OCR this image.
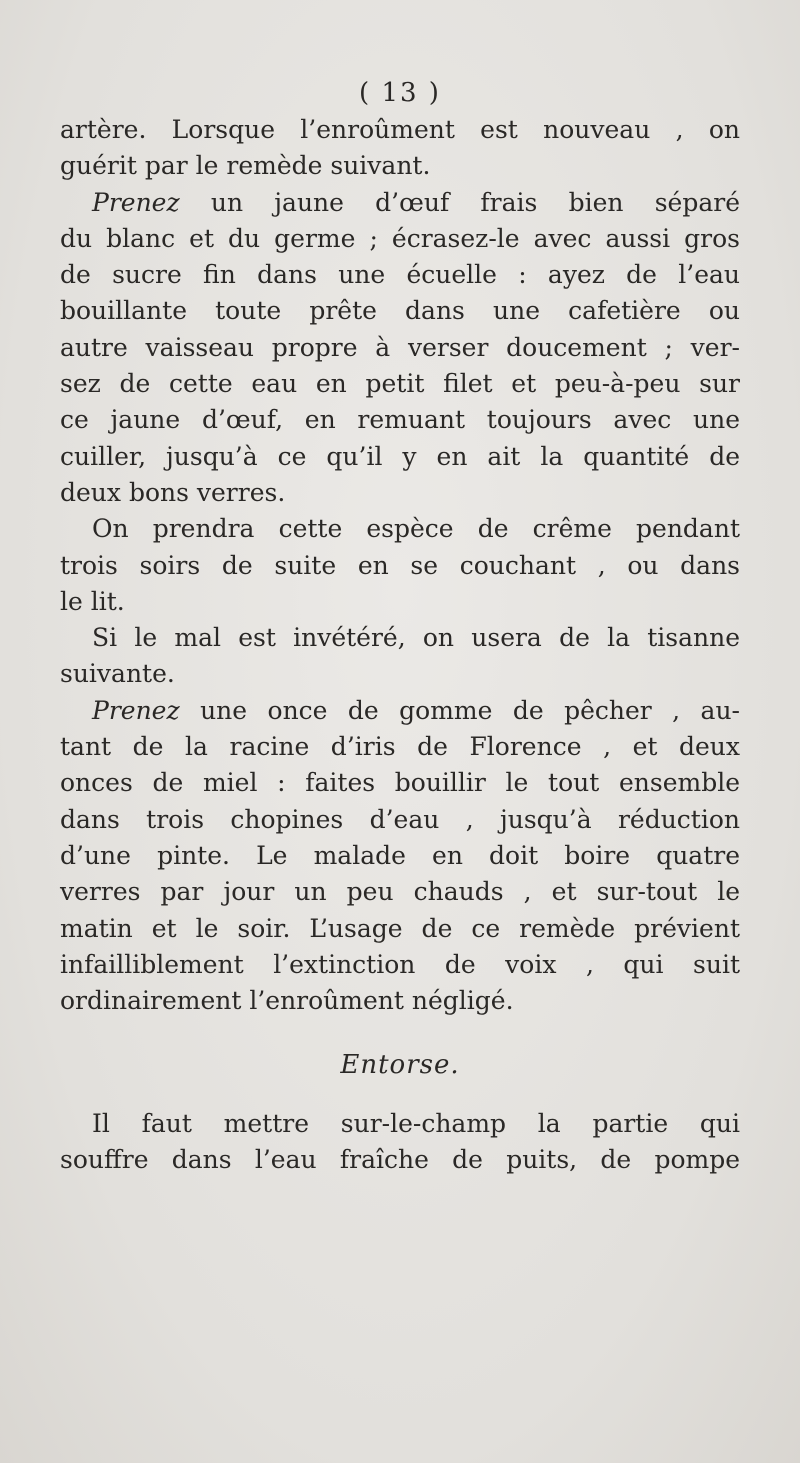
( 13 )
artère. Lorsque l’enroûment est nouveau , on
guérit par le remède suivant.
Prenez un jaune d’œuf frais bien séparé
du blanc et du germe ; écrasez-le avec aussi gros
de sucre fin dans une écuelle : ayez de l’eau
bouillante toute prête dans une cafetière ou
autre vaisseau propre à verser doucement ; ver-
sez de cette eau en petit filet et peu-à-peu sur
ce jaune d’œuf, en remuant toujours avec une
cuiller, jusqu’à ce qu’il y en ait la quantité de
deux bons verres.
On prendra cette espèce de crême pendant
trois soirs de suite en se couchant , ou dans
le lit.
Si le mal est invétéré, on usera de la tisanne
suivante.
Prenez une once de gomme de pêcher , au-
tant de la racine d’iris de Florence , et deux
onces de miel : faites bouillir le tout ensemble
dans trois chopines d’eau , jusqu’à réduction
d’une pinte. Le malade en doit boire quatre
verres par jour un peu chauds , et sur-tout le
matin et le soir. L’usage de ce remède prévient
infailliblement l’extinction de voix , qui suit
ordinairement l’enroûment négligé.
Entorse.
Il faut mettre sur-le-champ la partie qui
souffre dans l’eau fraîche de puits, de pompe
